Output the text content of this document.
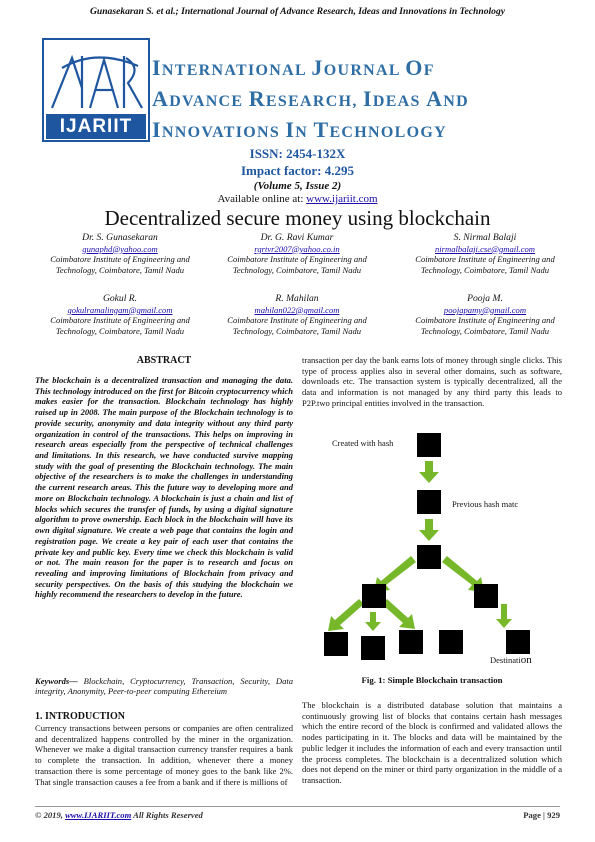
Gunasekaran S. et al.; International Journal of Advance Research, Ideas and Innovations in Technology
IJARIIT
INTERNATIONAL JOURNAL OF
ADVANCE RESEARCH, IDEAS AND
INNOVATIONS IN TECHNOLOGY
ISSN: 2454-132X
Impact factor: 4.295
(Volume 5, Issue 2)
Available online at: www.ijariit.com
Decentralized secure money using blockchain
Dr. S. Gunasekaran
gunaphd@yahoo.com
Coimbatore Institute of Engineering and
Technology, Coimbatore, Tamil Nadu
Dr. G. Ravi Kumar
rgrtvr2007@yahoo.co.in
Coimbatore Institute of Engineering and
Technology, Coimbatore, Tamil Nadu
S. Nirmal Balaji
nirmalbalaji.cse@gmail.com
Coimbatore Institute of Engineering and
Technology, Coimbatore, Tamil Nadu
Gokul R.
gokulramalingam@gmail.com
Coimbatore Institute of Engineering and
Technology, Coimbatore, Tamil Nadu
R. Mahilan
mahilan022@gmail.com
Coimbatore Institute of Engineering and
Technology, Coimbatore, Tamil Nadu
Pooja M.
poojapamy@gmail.com
Coimbatore Institute of Engineering and
Technology, Coimbatore, Tamil Nadu
ABSTRACT
The blockchain is a decentralized transaction and managing the data. This technology introduced on the first for Bitcoin cryptocurrency which makes easier for the transaction. Blockchain technology has highly raised up in 2008. The main purpose of the Blockchain technology is to provide security, anonymity and data integrity without any third party organization in control of the transactions. This helps on improving in research areas especially from the perspective of technical challenges and limitations. In this research, we have conducted survive mapping study with the goal of presenting the Blockchain technology. The main objective of the researchers is to make the challenges in understanding the current research areas. This the future way to developing more and more on Blockchain technology. A blockchain is just a chain and list of blocks which secures the transfer of funds, by using a digital signature algorithm to prove ownership. Each block in the blockchain will have its own digital signature. We create a web page that contains the login and registration page. We create a key pair of each user that contains the private key and public key. Every time we check this blockchain is valid or not. The main reason for the paper is to research and focus on revealing and improving limitations of Blockchain from privacy and security perspectives. On the basis of this studying the blockchain we highly recommend the researchers to develop in the future.
Keywords— Blockchain, Cryptocurrency, Transaction, Security, Data integrity, Anonymity, Peer-to-peer computing Ethereium
1. INTRODUCTION
Currency transactions between persons or companies are often centralized and decentralized happens controlled by the miner in the organization. Whenever we make a digital transaction currency transfer requires a bank to complete the transaction. In addition, whenever there a money transaction there is some percentage of money goes to the bank like 2%. That single transaction causes a fee from a bank and if there is millions of
transaction per day the bank earns lots of money through single clicks. This type of process applies also in several other domains, such as software, downloads etc. The transaction system is typically decentralized, all the data and information is not managed by any third party this leads to P2P.two principal entities involved in the transaction.
Created with hash
Previous hash matc
Destination
Fig. 1: Simple Blockchain transaction
The blockchain is a distributed database solution that maintains a continuously growing list of blocks that contains certain hash messages which the entire record of the block is confirmed and validated allows the nodes participating in it. The blocks and data will be maintained by the public ledger it includes the information of each and every transaction until the process completes. The blockchain is a decentralized solution which does not depend on the miner or third party organization in the middle of a transaction.
© 2019, www.IJARIIT.com All Rights Reserved	Page | 929
